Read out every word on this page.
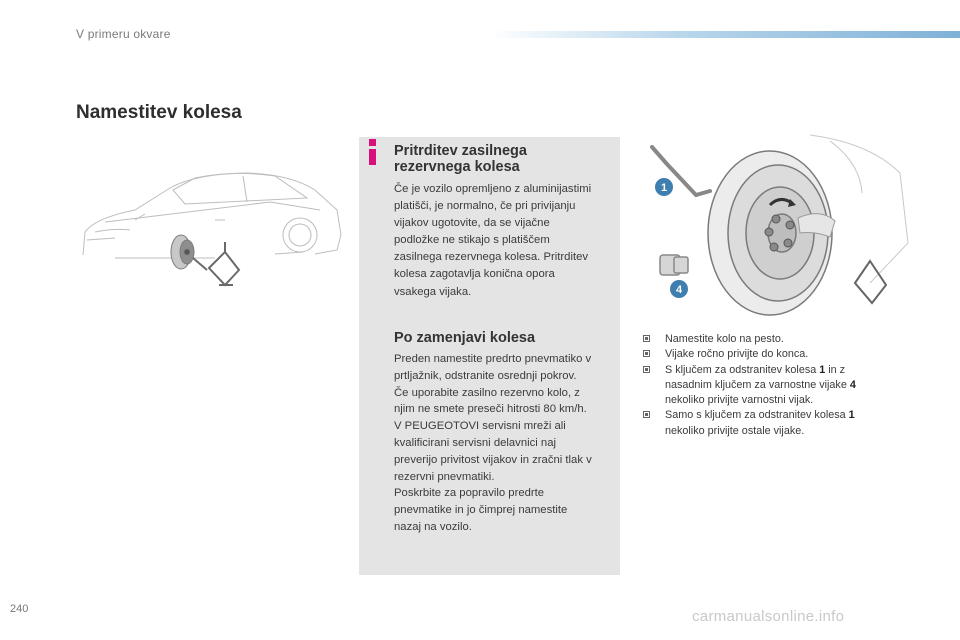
V primeru okvare
Namestitev kolesa
Pritrditev zasilnega
rezervnega kolesa
Če je vozilo opremljeno z aluminijastimi
platišči, je normalno, če pri privijanju
vijakov ugotovite, da se vijačne
podložke ne stikajo s platiščem
zasilnega rezervnega kolesa. Pritrditev
kolesa zagotavlja konična opora
vsakega vijaka.
Po zamenjavi kolesa
Preden namestite predrto pnevmatiko v
prtljažnik, odstranite osrednji pokrov.
Če uporabite zasilno rezervno kolo, z
njim ne smete preseči hitrosti 80 km/h.
V PEUGEOTOVI servisni mreži ali
kvalificirani servisni delavnici naj
preverijo privitost vijakov in zračni tlak v
rezervni pnevmatiki.
Poskrbite za popravilo predrte
pnevmatike in jo čimprej namestite
nazaj na vozilo.
1
4
Namestite kolo na pesto.
Vijake ročno privijte do konca.
S ključem za odstranitev kolesa 1 in z
nasadnim ključem za varnostne vijake 4
nekoliko privijte varnostni vijak.
Samo s ključem za odstranitev kolesa 1
nekoliko privijte ostale vijake.
240	carmanualsonline.info
